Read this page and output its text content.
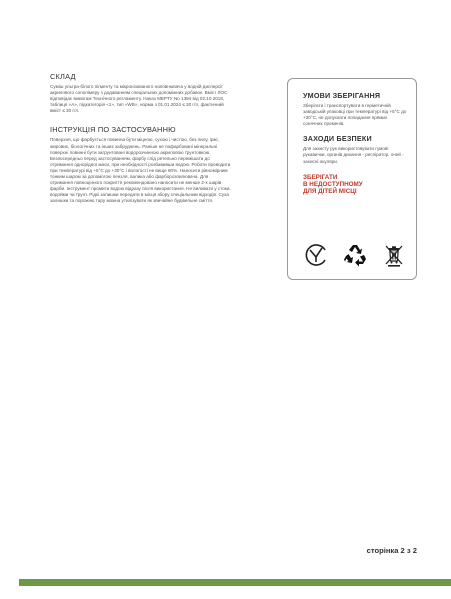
СКЛАД

Суміш ультра-білого пігменту та мікронізованого наповнювача у водній дисперсії акрилового сополімеру з додаванням спеціальних допоміжних добавок. Вміст ЛОС відповідає вимогам Технічного регламенту. Наказ МЕРТУ No 1394 від 02.10.2018, таблиця «А», підкатегорія «1», тип «WB», норма з 01.01.2024 ≤ 30 г/л, фактичний вміст ≤ 30 г/л.

ІНСТРУКЦІЯ ПО ЗАСТОСУВАННЮ

Поверхня, що фарбується повинна бути міцною, сухою і чистою, без пилу, іржі, жирових, біологічних та інших забруднень. Раніше не пофарбовані мінеральні поверхні повинні бути загрунтовані водорозчинною акриловою ґрунтовкою. Безпосередньо перед застосуванням, фарбу слід ретельно перемішати до отримання однорідної маси, при необхідності розбавивши водою. Роботи проводити при температурі від +5°С до +30°С і вологості не вище 80%. Наносити рівномірним тонким шаром за допомогою пензля, валика або фарборозпилювача. Для отримання повноцінного покриття рекомендовано наносити не менше 2-х шарів фарби. Інструмент промити водою відразу після використання. Не виливати у стоки, водойми чи ґрунт. Рідкі залишки передати в місця збору спеціальним відходів. Суха залишки та порожню тару можна утилізувати як звичайне будівельне сміття.

УМОВИ ЗБЕРІГАННЯ

Зберігати і транспортувати в герметичній заводській упаковці при температурі від +5°С до +30°С, не допускати попадання прямих сонячних променів.

ЗАХОДИ БЕЗПЕКИ

Для захисту рук використовувати гумові рукавички, органів дихання - респіратор, очей - захисні окуляри.

ЗБЕРІГАТИ
В НЕДОСТУПНОМУ
ДЛЯ ДІТЕЙ МІСЦІ
сторінка 2 з 2
